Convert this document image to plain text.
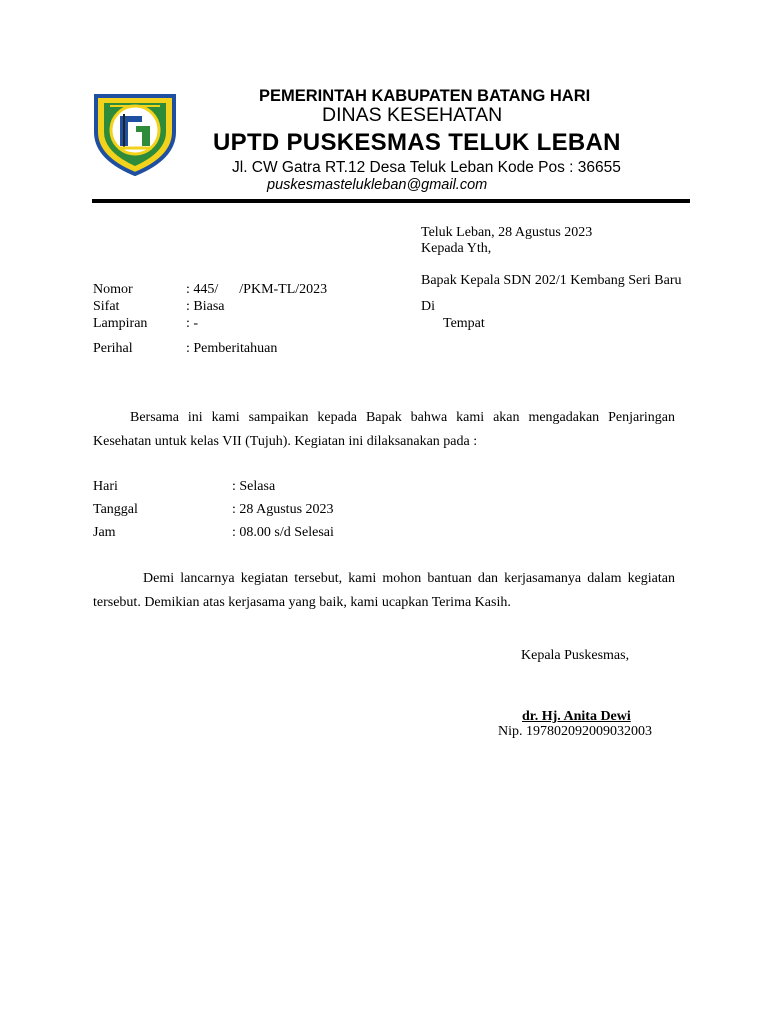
PEMERINTAH KABUPATEN BATANG HARI
DINAS KESEHATAN
UPTD PUSKESMAS TELUK LEBAN
Jl. CW Gatra RT.12 Desa Teluk Leban Kode Pos : 36655
puskesmastelukleban@gmail.com
Teluk Leban, 28 Agustus 2023
Kepada Yth,
Bapak Kepala SDN 202/1 Kembang Seri Baru
Di
Tempat
Nomor	: 445/      /PKM-TL/2023
Sifat	: Biasa
Lampiran	: -
Perihal	: Pemberitahuan
Bersama ini kami sampaikan kepada Bapak bahwa kami akan mengadakan Penjaringan Kesehatan untuk kelas VII (Tujuh). Kegiatan ini dilaksanakan pada :
Hari	: Selasa
Tanggal	: 28 Agustus 2023
Jam	: 08.00 s/d Selesai
Demi lancarnya kegiatan tersebut, kami mohon bantuan dan kerjasamanya dalam kegiatan tersebut. Demikian atas kerjasama yang baik, kami ucapkan Terima Kasih.
Kepala Puskesmas,
dr. Hj. Anita Dewi
Nip. 197802092009032003
